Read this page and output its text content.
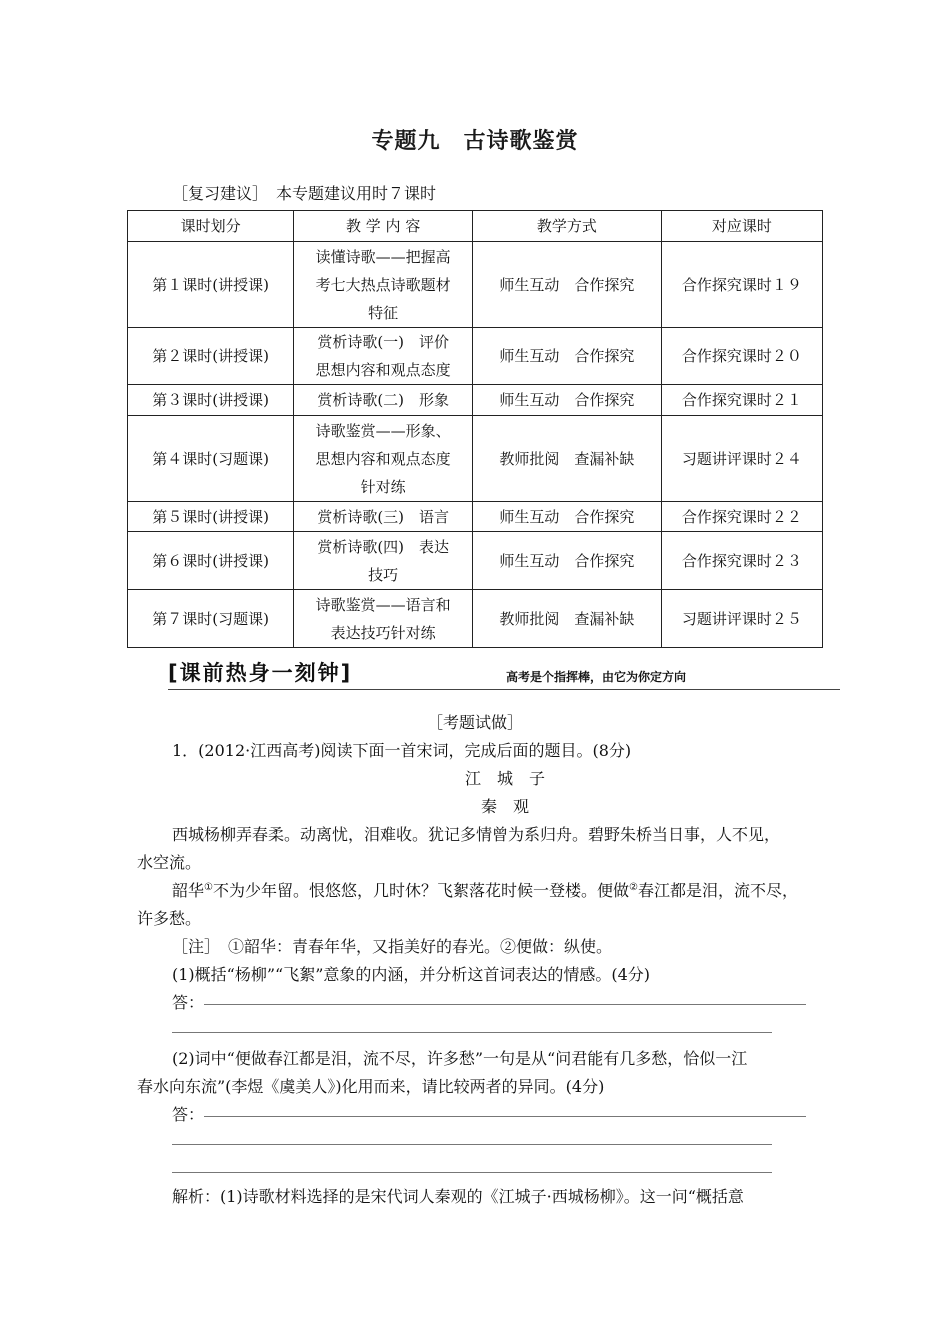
专题九　古诗歌鉴赏
［复习建议］　本专题建议用时７课时
课时划分	教 学 内 容	教学方式	对应课时
第１课时(讲授课)	读懂诗歌——把握高
考七大热点诗歌题材
特征	师生互动　合作探究	合作探究课时１９
第２课时(讲授课)	赏析诗歌(一)　评价
思想内容和观点态度	师生互动　合作探究	合作探究课时２０
第３课时(讲授课)	赏析诗歌(二)　形象	师生互动　合作探究	合作探究课时２１
第４课时(习题课)	诗歌鉴赏——形象、
思想内容和观点态度
针对练	教师批阅　查漏补缺	习题讲评课时２４
第５课时(讲授课)	赏析诗歌(三)　语言	师生互动　合作探究	合作探究课时２２
第６课时(讲授课)	赏析诗歌(四)　表达
技巧	师生互动　合作探究	合作探究课时２３
第７课时(习题课)	诗歌鉴赏——语言和
表达技巧针对练	教师批阅　查漏补缺	习题讲评课时２５
[课前热身一刻钟]	高考是个指挥棒，由它为你定方向
［考题试做］
1．(2012·江西高考)阅读下面一首宋词，完成后面的题目。(8分)
江　城　子
秦　观
西城杨柳弄春柔。动离忧，泪难收。犹记多情曾为系归舟。碧野朱桥当日事，人不见，
水空流。
韶华①不为少年留。恨悠悠，几时休？飞絮落花时候一登楼。便做②春江都是泪，流不尽，
许多愁。
［注］　①韶华：青春年华，又指美好的春光。②便做：纵使。
(1)概括“杨柳”“飞絮”意象的内涵，并分析这首词表达的情感。(4分)
答：
(2)词中“便做春江都是泪，流不尽，许多愁”一句是从“问君能有几多愁，恰似一江
春水向东流”(李煜《虞美人》)化用而来，请比较两者的异同。(4分)
答：
解析：(1)诗歌材料选择的是宋代词人秦观的《江城子·西城杨柳》。这一问“概括意
